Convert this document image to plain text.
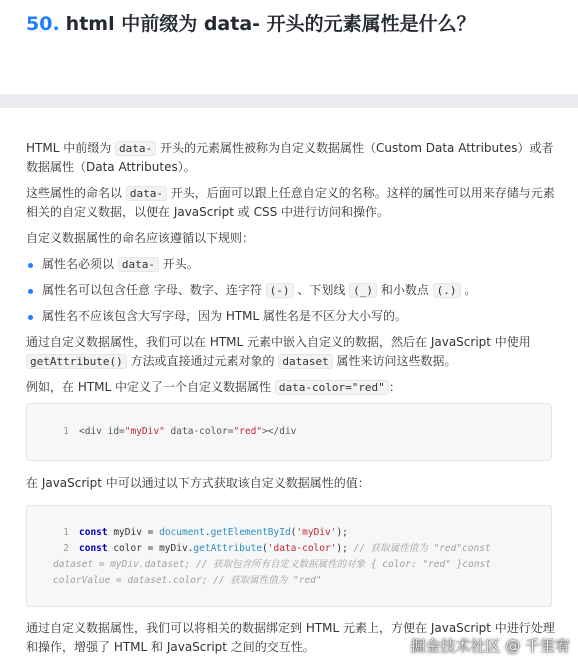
50. html 中前缀为 data- 开头的元素属性是什么？

HTML 中前缀为 data- 开头的元素属性被称为自定义数据属性（Custom Data Attributes）或者数据属性（Data Attributes）。

这些属性的命名以 data- 开头，后面可以跟上任意自定义的名称。这样的属性可以用来存储与元素相关的自定义数据，以便在 JavaScript 或 CSS 中进行访问和操作。

自定义数据属性的命名应该遵循以下规则：

属性名必须以 data- 开头。
属性名可以包含任意 字母、数字、连字符 (-) 、下划线 (_) 和小数点 (.) 。
属性名不应该包含大写字母，因为 HTML 属性名是不区分大小写的。

通过自定义数据属性，我们可以在 HTML 元素中嵌入自定义的数据，然后在 JavaScript 中使用 getAttribute() 方法或直接通过元素对象的 dataset 属性来访问这些数据。

例如，在 HTML 中定义了一个自定义数据属性 data-color="red" ：

1 <div id="myDiv" data-color="red"></div
在 JavaScript 中可以通过以下方式获取该自定义数据属性的值：
1 const myDiv = document.getElementById('myDiv');
2 const color = myDiv.getAttribute('data-color'); // 获取属性值为 "red"const
dataset = myDiv.dataset; // 获取包含所有自定义数据属性的对象 { color: "red" }const
colorValue = dataset.color; // 获取属性值为 "red"
通过自定义数据属性，我们可以将相关的数据绑定到 HTML 元素上，方便在 JavaScript 中进行处理和操作，增强了 HTML 和 JavaScript 之间的交互性。	掘金技术社区 @ 千里宥
